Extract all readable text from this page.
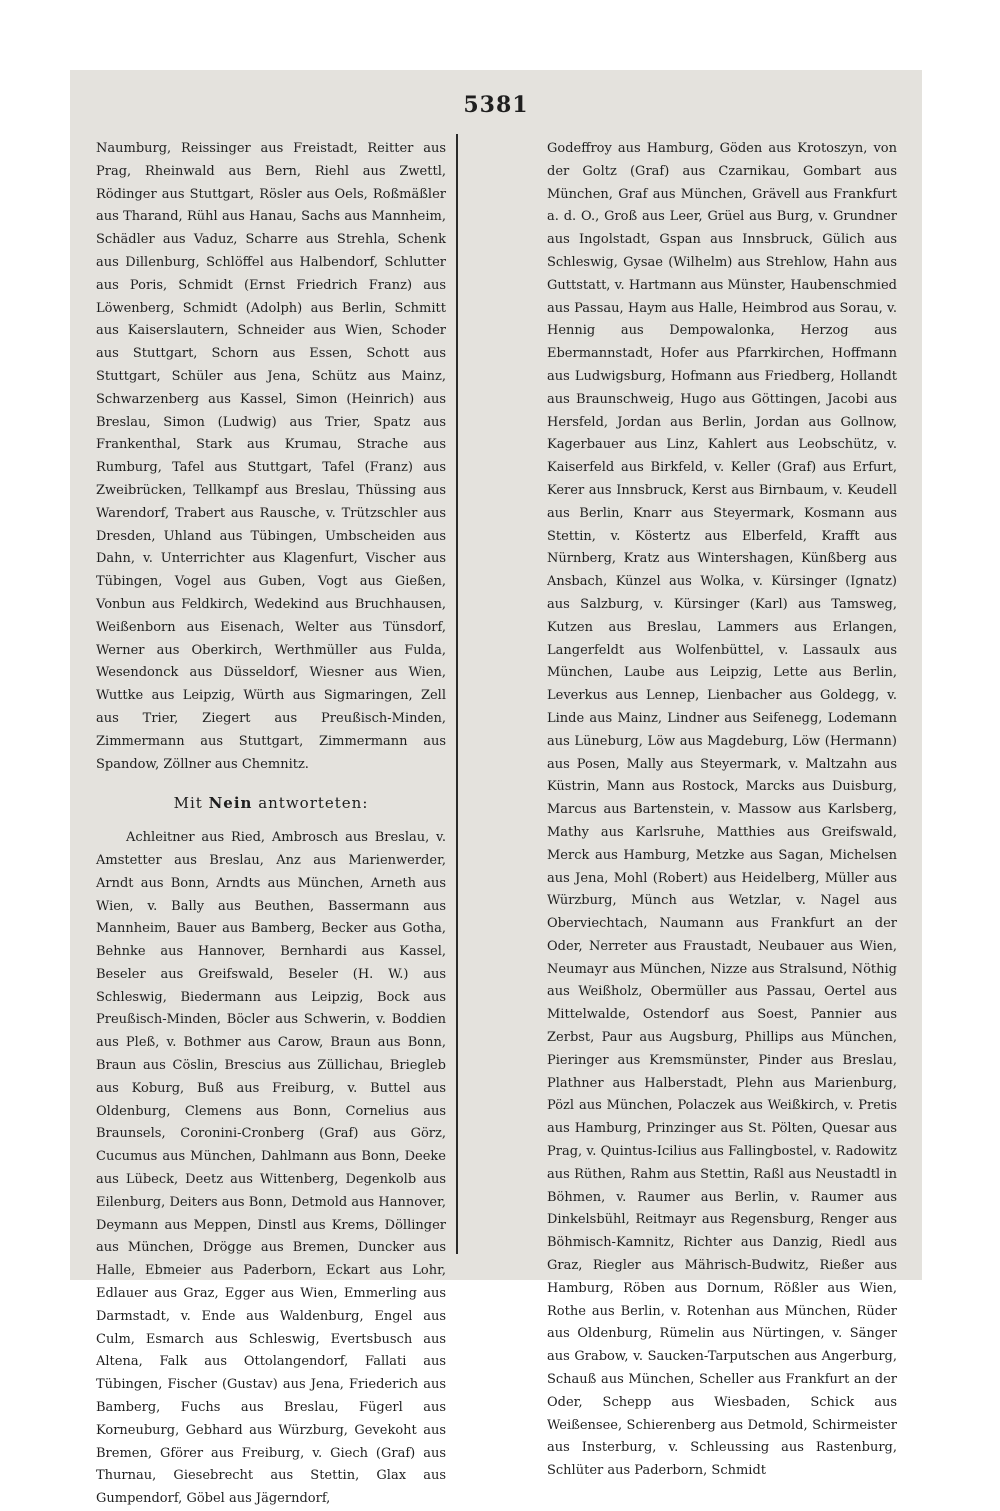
5381

Naumburg, Reissinger aus Freistadt, Reitter aus Prag, Rheinwald aus Bern, Riehl aus Zwettl, Rödinger aus Stuttgart, Rösler aus Oels, Roßmäßler aus Tharand, Rühl aus Hanau, Sachs aus Mannheim, Schädler aus Vaduz, Scharre aus Strehla, Schenk aus Dillenburg, Schlöffel aus Halbendorf, Schlutter aus Poris, Schmidt (Ernst Friedrich Franz) aus Löwenberg, Schmidt (Adolph) aus Berlin, Schmitt aus Kaiserslautern, Schneider aus Wien, Schoder aus Stuttgart, Schorn aus Essen, Schott aus Stuttgart, Schüler aus Jena, Schütz aus Mainz, Schwarzenberg aus Kassel, Simon (Heinrich) aus Breslau, Simon (Ludwig) aus Trier, Spatz aus Frankenthal, Stark aus Krumau, Strache aus Rumburg, Tafel aus Stuttgart, Tafel (Franz) aus Zweibrücken, Tellkampf aus Breslau, Thüssing aus Warendorf, Trabert aus Rausche, v. Trützschler aus Dresden, Uhland aus Tübingen, Umbscheiden aus Dahn, v. Unterrichter aus Klagenfurt, Vischer aus Tübingen, Vogel aus Guben, Vogt aus Gießen, Vonbun aus Feldkirch, Wedekind aus Bruchhausen, Weißenborn aus Eisenach, Welter aus Tünsdorf, Werner aus Oberkirch, Werthmüller aus Fulda, Wesendonck aus Düsseldorf, Wiesner aus Wien, Wuttke aus Leipzig, Würth aus Sigmaringen, Zell aus Trier, Ziegert aus Preußisch-Minden, Zimmermann aus Stuttgart, Zimmermann aus Spandow, Zöllner aus Chemnitz.

Mit Nein antworteten:

Achleitner aus Ried, Ambrosch aus Breslau, v. Amstetter aus Breslau, Anz aus Marienwerder, Arndt aus Bonn, Arndts aus München, Arneth aus Wien, v. Bally aus Beuthen, Bassermann aus Mannheim, Bauer aus Bamberg, Becker aus Gotha, Behnke aus Hannover, Bernhardi aus Kassel, Beseler aus Greifswald, Beseler (H. W.) aus Schleswig, Biedermann aus Leipzig, Bock aus Preußisch-Minden, Böcler aus Schwerin, v. Boddien aus Pleß, v. Bothmer aus Carow, Braun aus Bonn, Braun aus Cöslin, Brescius aus Züllichau, Briegleb aus Koburg, Buß aus Freiburg, v. Buttel aus Oldenburg, Clemens aus Bonn, Cornelius aus Braunsels, Coronini-Cronberg (Graf) aus Görz, Cucumus aus München, Dahlmann aus Bonn, Deeke aus Lübeck, Deetz aus Wittenberg, Degenkolb aus Eilenburg, Deiters aus Bonn, Detmold aus Hannover, Deymann aus Meppen, Dinstl aus Krems, Döllinger aus München, Drögge aus Bremen, Duncker aus Halle, Ebmeier aus Paderborn, Eckart aus Lohr, Edlauer aus Graz, Egger aus Wien, Emmerling aus Darmstadt, v. Ende aus Waldenburg, Engel aus Culm, Esmarch aus Schleswig, Evertsbusch aus Altena, Falk aus Ottolangendorf, Fallati aus Tübingen, Fischer (Gustav) aus Jena, Friederich aus Bamberg, Fuchs aus Breslau, Fügerl aus Korneuburg, Gebhard aus Würzburg, Gevekoht aus Bremen, Gförer aus Freiburg, v. Giech (Graf) aus Thurnau, Giesebrecht aus Stettin, Glax aus Gumpendorf, Göbel aus Jägerndorf,

Godeffroy aus Hamburg, Göden aus Krotoszyn, von der Goltz (Graf) aus Czarnikau, Gombart aus München, Graf aus München, Grävell aus Frankfurt a. d. O., Groß aus Leer, Grüel aus Burg, v. Grundner aus Ingolstadt, Gspan aus Innsbruck, Gülich aus Schleswig, Gysae (Wilhelm) aus Strehlow, Hahn aus Guttstatt, v. Hartmann aus Münster, Haubenschmied aus Passau, Haym aus Halle, Heimbrod aus Sorau, v. Hennig aus Dempowalonka, Herzog aus Ebermannstadt, Hofer aus Pfarrkirchen, Hoffmann aus Ludwigsburg, Hofmann aus Friedberg, Hollandt aus Braunschweig, Hugo aus Göttingen, Jacobi aus Hersfeld, Jordan aus Berlin, Jordan aus Gollnow, Kagerbauer aus Linz, Kahlert aus Leobschütz, v. Kaiserfeld aus Birkfeld, v. Keller (Graf) aus Erfurt, Kerer aus Innsbruck, Kerst aus Birnbaum, v. Keudell aus Berlin, Knarr aus Steyermark, Kosmann aus Stettin, v. Köstertz aus Elberfeld, Krafft aus Nürnberg, Kratz aus Wintershagen, Künßberg aus Ansbach, Künzel aus Wolka, v. Kürsinger (Ignatz) aus Salzburg, v. Kürsinger (Karl) aus Tamsweg, Kutzen aus Breslau, Lammers aus Erlangen, Langerfeldt aus Wolfenbüttel, v. Lassaulx aus München, Laube aus Leipzig, Lette aus Berlin, Leverkus aus Lennep, Lienbacher aus Goldegg, v. Linde aus Mainz, Lindner aus Seifenegg, Lodemann aus Lüneburg, Löw aus Magdeburg, Löw (Hermann) aus Posen, Mally aus Steyermark, v. Maltzahn aus Küstrin, Mann aus Rostock, Marcks aus Duisburg, Marcus aus Bartenstein, v. Massow aus Karlsberg, Mathy aus Karlsruhe, Matthies aus Greifswald, Merck aus Hamburg, Metzke aus Sagan, Michelsen aus Jena, Mohl (Robert) aus Heidelberg, Müller aus Würzburg, Münch aus Wetzlar, v. Nagel aus Oberviechtach, Naumann aus Frankfurt an der Oder, Nerreter aus Fraustadt, Neubauer aus Wien, Neumayr aus München, Nizze aus Stralsund, Nöthig aus Weißholz, Obermüller aus Passau, Oertel aus Mittelwalde, Ostendorf aus Soest, Pannier aus Zerbst, Paur aus Augsburg, Phillips aus München, Pieringer aus Kremsmünster, Pinder aus Breslau, Plathner aus Halberstadt, Plehn aus Marienburg, Pözl aus München, Polaczek aus Weißkirch, v. Pretis aus Hamburg, Prinzinger aus St. Pölten, Quesar aus Prag, v. Quintus-Icilius aus Fallingbostel, v. Radowitz aus Rüthen, Rahm aus Stettin, Raßl aus Neustadtl in Böhmen, v. Raumer aus Berlin, v. Raumer aus Dinkelsbühl, Reitmayr aus Regensburg, Renger aus Böhmisch-Kamnitz, Richter aus Danzig, Riedl aus Graz, Riegler aus Mährisch-Budwitz, Rießer aus Hamburg, Röben aus Dornum, Rößler aus Wien, Rothe aus Berlin, v. Rotenhan aus München, Rüder aus Oldenburg, Rümelin aus Nürtingen, v. Sänger aus Grabow, v. Saucken-Tarputschen aus Angerburg, Schauß aus München, Scheller aus Frankfurt an der Oder, Schepp aus Wiesbaden, Schick aus Weißensee, Schierenberg aus Detmold, Schirmeister aus Insterburg, v. Schleussing aus Rastenburg, Schlüter aus Paderborn, Schmidt
